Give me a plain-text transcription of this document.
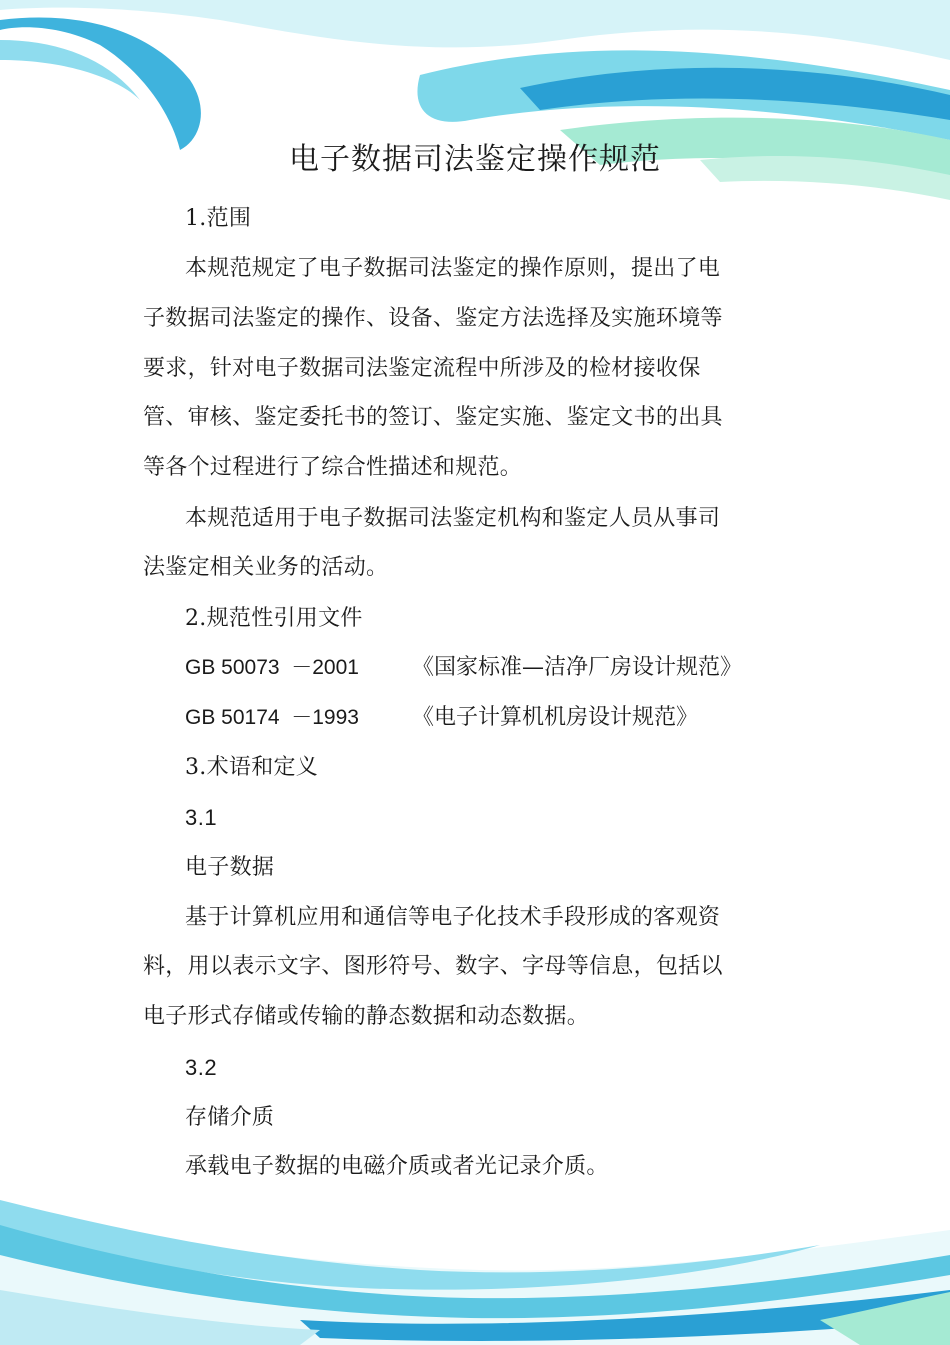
电子数据司法鉴定操作规范
1.范围
本规范规定了电子数据司法鉴定的操作原则，提出了电
子数据司法鉴定的操作、设备、鉴定方法选择及实施环境等
要求，针对电子数据司法鉴定流程中所涉及的检材接收保
管、审核、鉴定委托书的签订、鉴定实施、鉴定文书的出具
等各个过程进行了综合性描述和规范。
本规范适用于电子数据司法鉴定机构和鉴定人员从事司
法鉴定相关业务的活动。
2.规范性引用文件
GB 50073  －2001 《国家标准—洁净厂房设计规范》
GB 50174  －1993 《电子计算机机房设计规范》
3.术语和定义
3.1
电子数据
基于计算机应用和通信等电子化技术手段形成的客观资
料，用以表示文字、图形符号、数字、字母等信息，包括以
电子形式存储或传输的静态数据和动态数据。
3.2
存储介质
承载电子数据的电磁介质或者光记录介质。
